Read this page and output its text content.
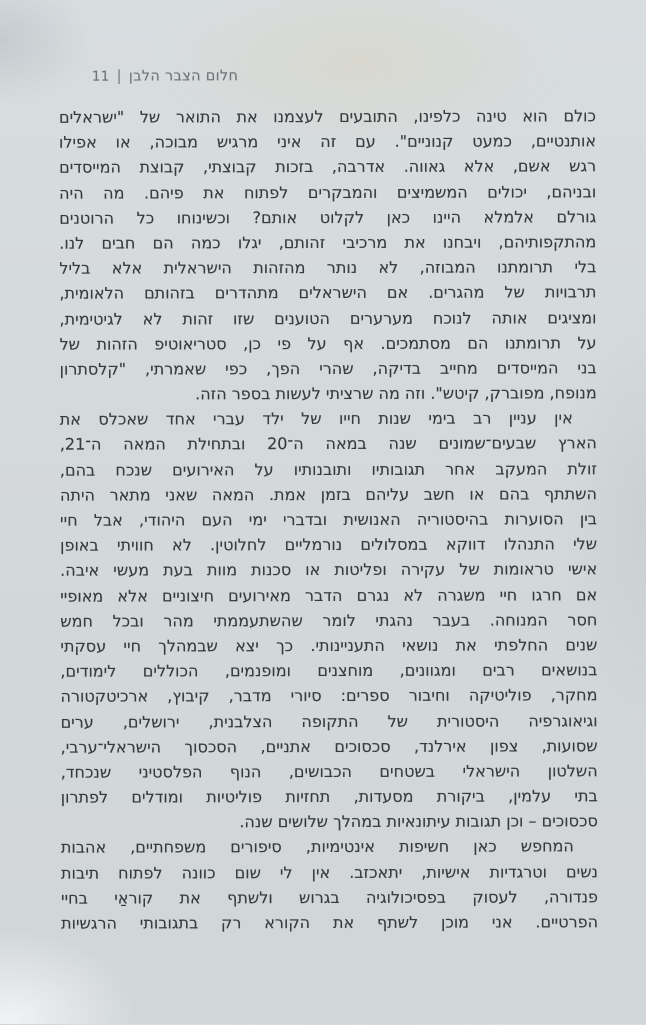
חלום הצבר הלבן|11
כולם הוא טינה כלפינו, התובעים לעצמנו את התואר של "ישראלים
אותנטיים, כמעט קנוניים". עם זה איני מרגיש מבוכה, או אפילו
רגש אשם, אלא גאווה. אדרבה, בזכות קבוצתי, קבוצת המייסדים
ובניהם, יכולים המשמיצים והמבקרים לפתוח את פיהם. מה היה
גורלם אלמלא היינו כאן לקלוט אותם? וכשינוחו כל הרוטנים
מהתקפותיהם, ויבחנו את מרכיבי זהותם, יגלו כמה הם חבים לנו.
בלי תרומתנו המבוזה, לא נותר מהזהות הישראלית אלא בליל
תרבויות של מהגרים. אם הישראלים מתהדרים בזהותם הלאומית,
ומציגים אותה לנוכח מערערים הטוענים שזו זהות לא לגיטימית,
על תרומתנו הם מסתמכים. אף על פי כן, סטריאוטיפ הזהות של
בני המייסדים מחייב בדיקה, שהרי הפך, כפי שאמרתי, "קלסתרון
מנופח, מפוברק, קיטש". וזה מה שרציתי לעשות בספר הזה.
אין עניין רב בימי שנות חייו של ילד עברי אחד שאכלס את
הארץ שבעים־שמונים שנה במאה ה־20 ובתחילת המאה ה־21,
זולת המעקב אחר תגובותיו ותובנותיו על האירועים שנכח בהם,
השתתף בהם או חשב עליהם בזמן אמת. המאה שאני מתאר היתה
בין הסוערות בהיסטוריה האנושית ובדברי ימי העם היהודי, אבל חיי
שלי התנהלו דווקא במסלולים נורמליים לחלוטין. לא חוויתי באופן
אישי טראומות של עקירה ופליטות או סכנות מוות בעת מעשי איבה.
אם חרגו חיי משגרה לא נגרם הדבר מאירועים חיצוניים אלא מאופיי
חסר המנוחה. בעבר נהגתי לומר שהשתעממתי מהר ובכל חמש
שנים החלפתי את נושאי התעניינותי. כך יצא שבמהלך חיי עסקתי
בנושאים רבים ומגוונים, מוחצנים ומופנמים, הכוללים לימודים,
מחקר, פוליטיקה וחיבור ספרים: סיורי מדבר, קיבוץ, ארכיטקטורה
וגיאוגרפיה היסטורית של התקופה הצלבנית, ירושלים, ערים
שסועות, צפון אירלנד, סכסוכים אתניים, הסכסוך הישראלי־ערבי,
השלטון הישראלי בשטחים הכבושים, הנוף הפלסטיני שנכחד,
בתי עלמין, ביקורת מסעדות, תחזיות פוליטיות ומודלים לפתרון
סכסוכים – וכן תגובות עיתונאיות במהלך שלושים שנה.
המחפש כאן חשיפות אינטימיות, סיפורים משפחתיים, אהבות
נשים וטרגדיות אישיות, יתאכזב. אין לי שום כוונה לפתוח תיבות
פנדורה, לעסוק בפסיכולוגיה בגרוש ולשתף את קוראַי בחיי
הפרטיים. אני מוכן לשתף את הקורא רק בתגובותי הרגשיות
